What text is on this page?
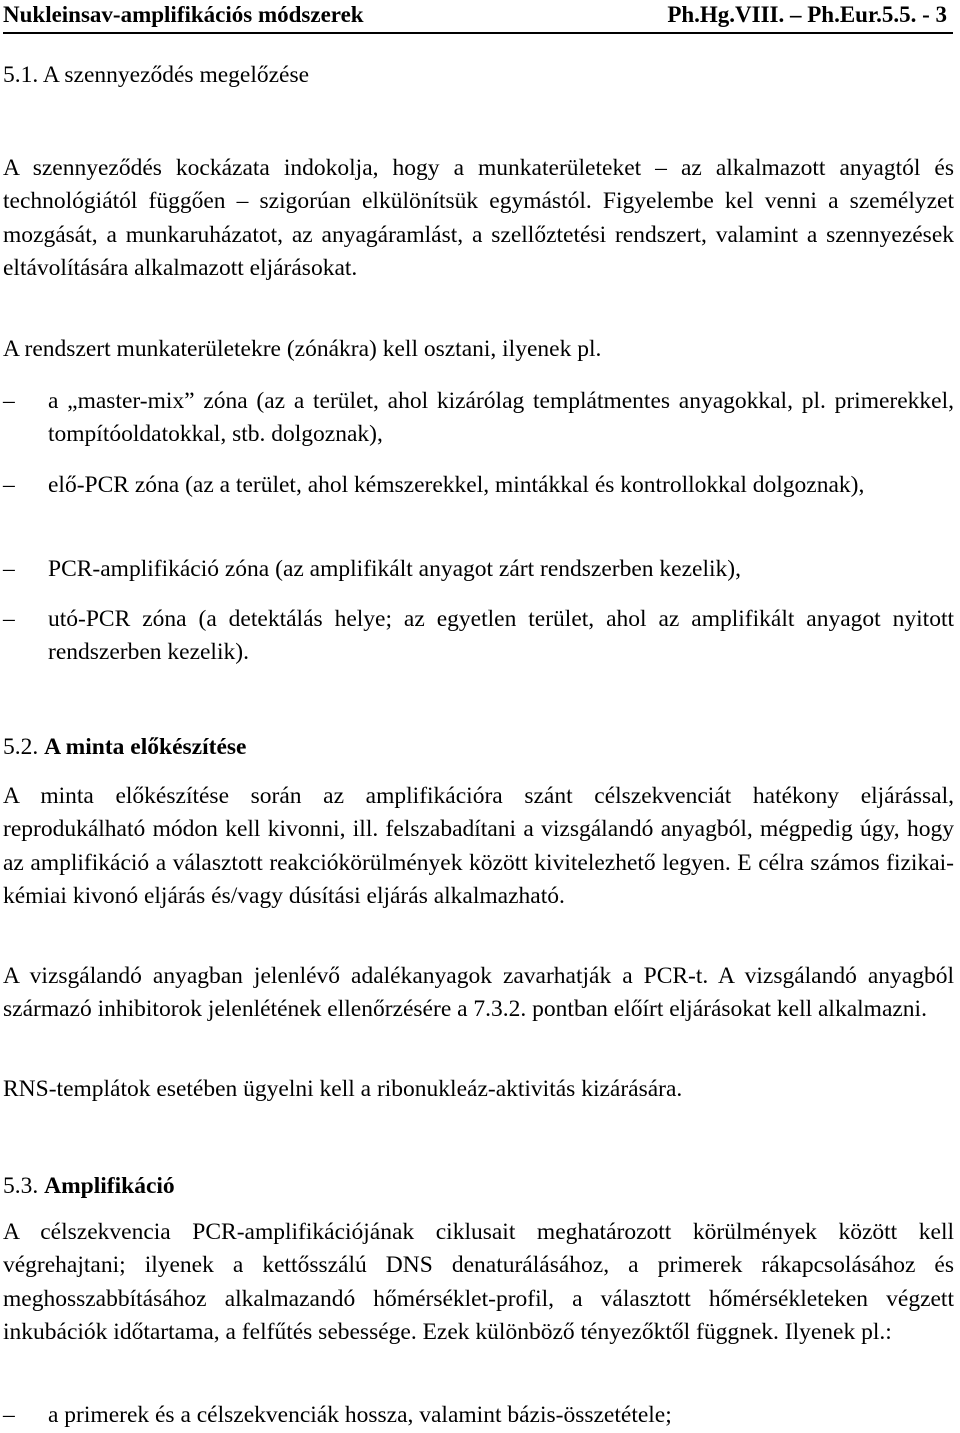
Nukleinsav-amplifikációs módszerek	Ph.Hg.VIII. – Ph.Eur.5.5. - 3
5.1. A szennyeződés megelőzése
A szennyeződés kockázata indokolja, hogy a munkaterületeket – az alkalmazott anyagtól és technológiától függően – szigorúan elkülönítsük egymástól. Figyelembe kel venni a személyzet mozgását, a munkaruházatot, az anyagáramlást, a szellőztetési rendszert, valamint a szennyezések eltávolítására alkalmazott eljárásokat.
A rendszert munkaterületekre (zónákra) kell osztani, ilyenek pl.
–	a „master-mix” zóna (az a terület, ahol kizárólag templátmentes anyagokkal, pl. primerekkel, tompítóoldatokkal, stb. dolgoznak),
–	elő-PCR zóna (az a terület, ahol kémszerekkel, mintákkal és kontrollokkal dolgoznak),
–	PCR-amplifikáció zóna (az amplifikált anyagot zárt rendszerben kezelik),
–	utó-PCR zóna (a detektálás helye; az egyetlen terület, ahol az amplifikált anyagot nyitott rendszerben kezelik).
5.2. A minta előkészítése
A minta előkészítése során az amplifikációra szánt célszekvenciát hatékony eljárással, reprodukálható módon kell kivonni, ill. felszabadítani a vizsgálandó anyagból, mégpedig úgy, hogy az amplifikáció a választott reakciókörülmények között kivitelezhető legyen. E célra számos fizikai-kémiai kivonó eljárás és/vagy dúsítási eljárás alkalmazható.
A vizsgálandó anyagban jelenlévő adalékanyagok zavarhatják a PCR-t. A vizsgálandó anyagból származó inhibitorok jelenlétének ellenőrzésére a 7.3.2. pontban előírt eljárásokat kell alkalmazni.
RNS-templátok esetében ügyelni kell a ribonukleáz-aktivitás kizárására.
5.3. Amplifikáció
A célszekvencia PCR-amplifikációjának ciklusait meghatározott körülmények között kell végrehajtani; ilyenek a kettősszálú DNS denaturálásához, a primerek rákapcsolásához és meghosszabbításához alkalmazandó hőmérséklet-profil, a választott hőmérsékleteken végzett inkubációk időtartama, a felfűtés sebessége. Ezek különböző tényezőktől függnek. Ilyenek pl.:
–	a primerek és a célszekvenciák hossza, valamint bázis-összetétele;
